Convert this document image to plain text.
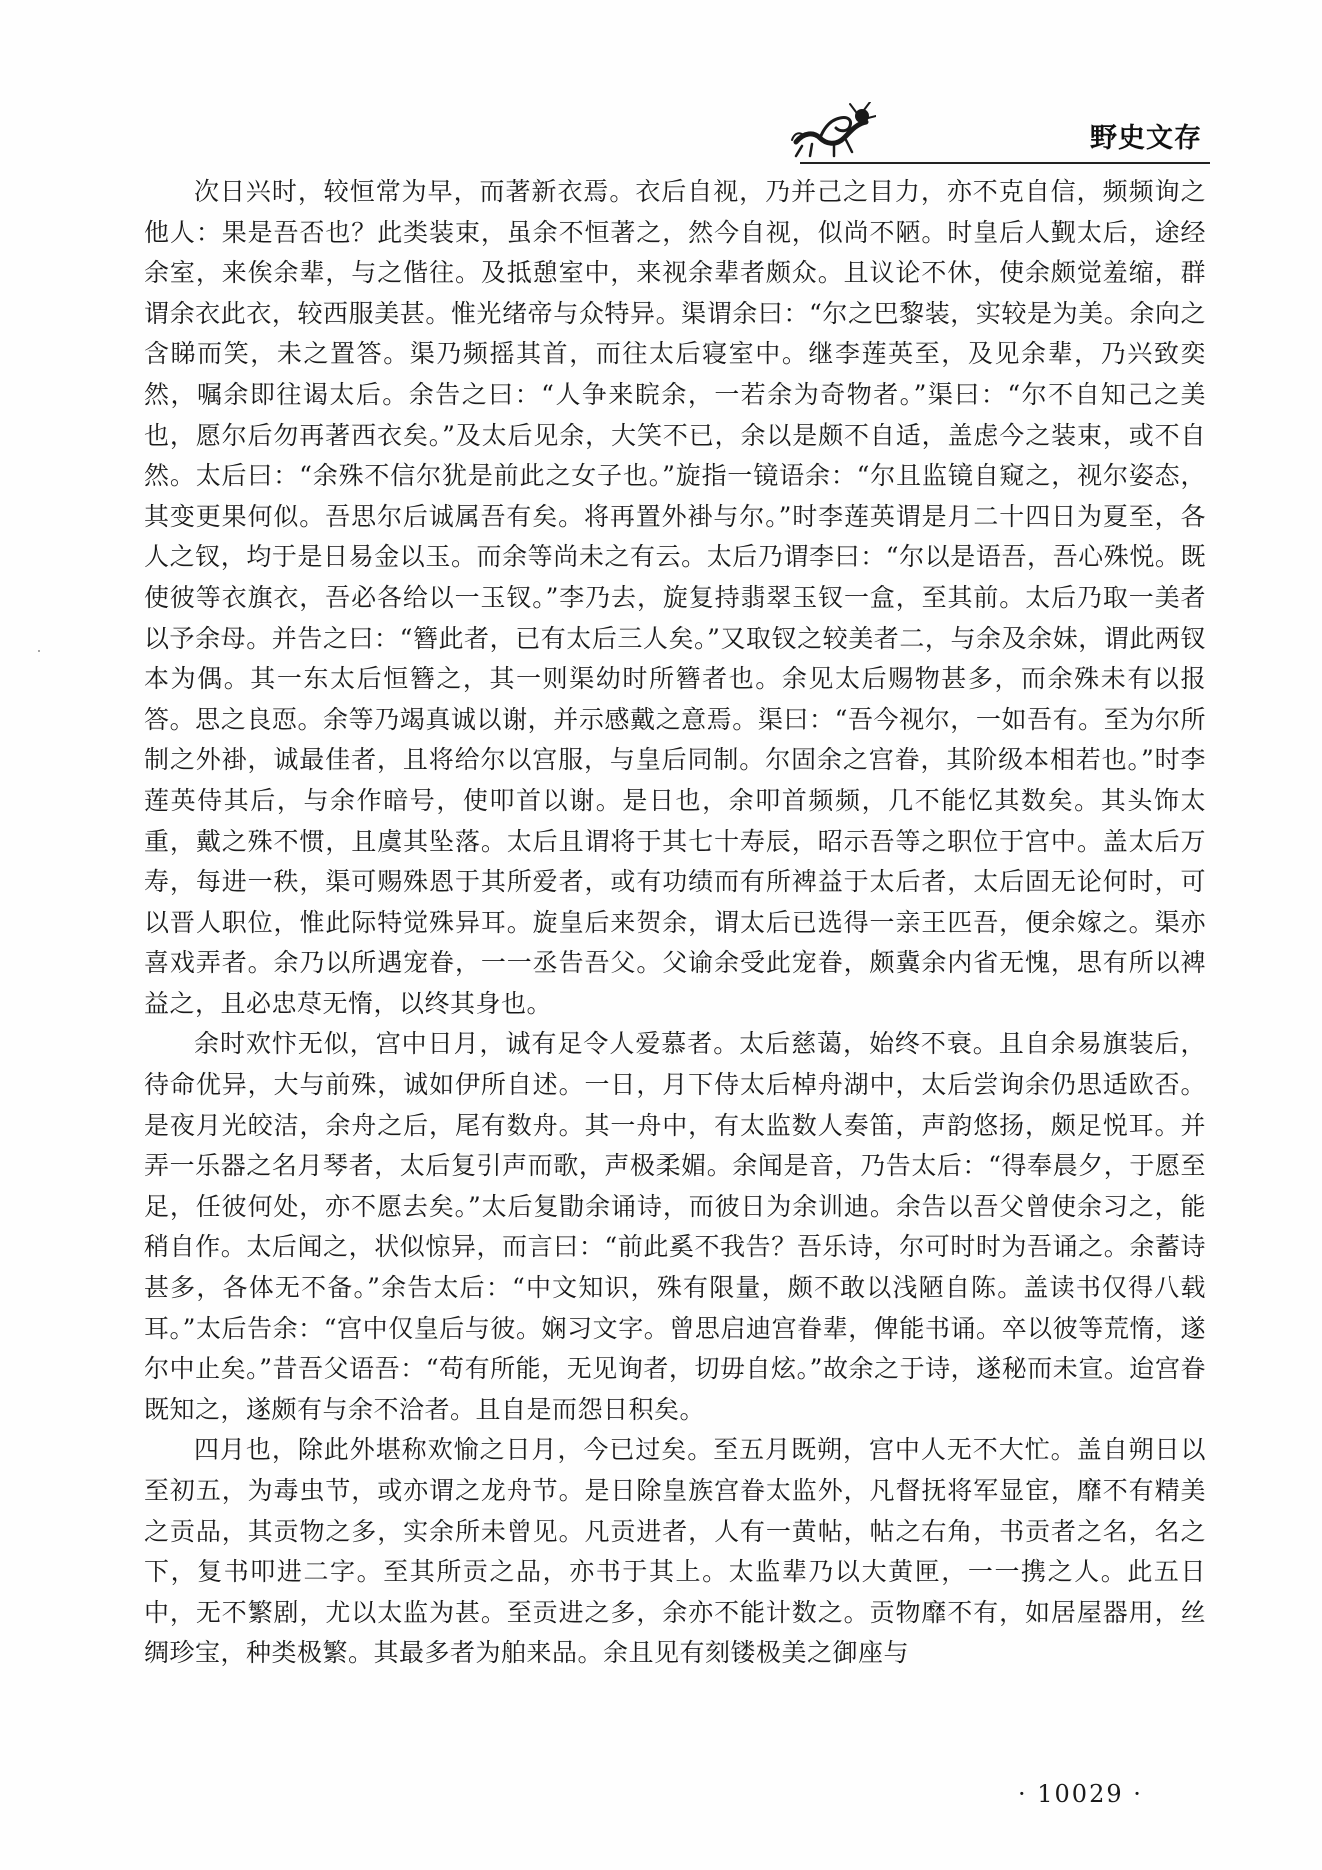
野史文存

次日兴时，较恒常为早，而著新衣焉。衣后自视，乃并己之目力，亦不克自信，频频询之他人：果是吾否也？此类装束，虽余不恒著之，然今自视，似尚不陋。时皇后人觐太后，途经余室，来俟余辈，与之偕往。及抵憩室中，来视余辈者颇众。且议论不休，使余颇觉羞缩，群谓余衣此衣，较西服美甚。惟光绪帝与众特异。渠谓余曰：“尔之巴黎装，实较是为美。余向之含睇而笑，未之置答。渠乃频摇其首，而往太后寝室中。继李莲英至，及见余辈，乃兴致奕然，嘱余即往谒太后。余告之曰：“人争来睆余，一若余为奇物者。”渠曰：“尔不自知己之美也，愿尔后勿再著西衣矣。”及太后见余，大笑不已，余以是颇不自适，盖虑今之装束，或不自然。太后曰：“余殊不信尔犹是前此之女子也。”旋指一镜语余：“尔且监镜自窥之，视尔姿态，其变更果何似。吾思尔后诚属吾有矣。将再置外褂与尔。”时李莲英谓是月二十四日为夏至，各人之钗，均于是日易金以玉。而余等尚未之有云。太后乃谓李曰：“尔以是语吾，吾心殊悦。既使彼等衣旗衣，吾必各给以一玉钗。”李乃去，旋复持翡翠玉钗一盒，至其前。太后乃取一美者以予余母。并告之曰：“簪此者，已有太后三人矣。”又取钗之较美者二，与余及余妹，谓此两钗本为偶。其一东太后恒簪之，其一则渠幼时所簪者也。余见太后赐物甚多，而余殊未有以报答。思之良恧。余等乃竭真诚以谢，并示感戴之意焉。渠曰：“吾今视尔，一如吾有。至为尔所制之外褂，诚最佳者，且将给尔以宫服，与皇后同制。尔固余之宫眷，其阶级本相若也。”时李莲英侍其后，与余作暗号，使叩首以谢。是日也，余叩首频频，几不能忆其数矣。其头饰太重，戴之殊不惯，且虞其坠落。太后且谓将于其七十寿辰，昭示吾等之职位于宫中。盖太后万寿，每进一秩，渠可赐殊恩于其所爱者，或有功绩而有所裨益于太后者，太后固无论何时，可以晋人职位，惟此际特觉殊异耳。旋皇后来贺余，谓太后已选得一亲王匹吾，便余嫁之。渠亦喜戏弄者。余乃以所遇宠眷，一一丞告吾父。父谕余受此宠眷，颇冀余内省无愧，思有所以裨益之，且必忠荩无惰，以终其身也。

余时欢忭无似，宫中日月，诚有足令人爱慕者。太后慈蔼，始终不衰。且自余易旗装后，待命优异，大与前殊，诚如伊所自述。一日，月下侍太后棹舟湖中，太后尝询余仍思适欧否。是夜月光皎洁，余舟之后，尾有数舟。其一舟中，有太监数人奏笛，声韵悠扬，颇足悦耳。并弄一乐器之名月琴者，太后复引声而歌，声极柔媚。余闻是音，乃告太后：“得奉晨夕，于愿至足，任彼何处，亦不愿去矣。”太后复勖余诵诗，而彼日为余训迪。余告以吾父曾使余习之，能稍自作。太后闻之，状似惊异，而言曰：“前此奚不我告？吾乐诗，尔可时时为吾诵之。余蓄诗甚多，各体无不备。”余告太后：“中文知识，殊有限量，颇不敢以浅陋自陈。盖读书仅得八载耳。”太后告余：“宫中仅皇后与彼。娴习文字。曾思启迪宫眷辈，俾能书诵。卒以彼等荒惰，遂尔中止矣。”昔吾父语吾：“苟有所能，无见询者，切毋自炫。”故余之于诗，遂秘而未宣。迨宫眷既知之，遂颇有与余不洽者。且自是而怨日积矣。

四月也，除此外堪称欢愉之日月，今已过矣。至五月既朔，宫中人无不大忙。盖自朔日以至初五，为毒虫节，或亦谓之龙舟节。是日除皇族宫眷太监外，凡督抚将军显宦，靡不有精美之贡品，其贡物之多，实余所未曾见。凡贡进者，人有一黄帖，帖之右角，书贡者之名，名之下，复书叩进二字。至其所贡之品，亦书于其上。太监辈乃以大黄匣，一一携之人。此五日中，无不繁剧，尤以太监为甚。至贡进之多，余亦不能计数之。贡物靡不有，如居屋器用，丝绸珍宝，种类极繁。其最多者为舶来品。余且见有刻镂极美之御座与

· 10029 ·
